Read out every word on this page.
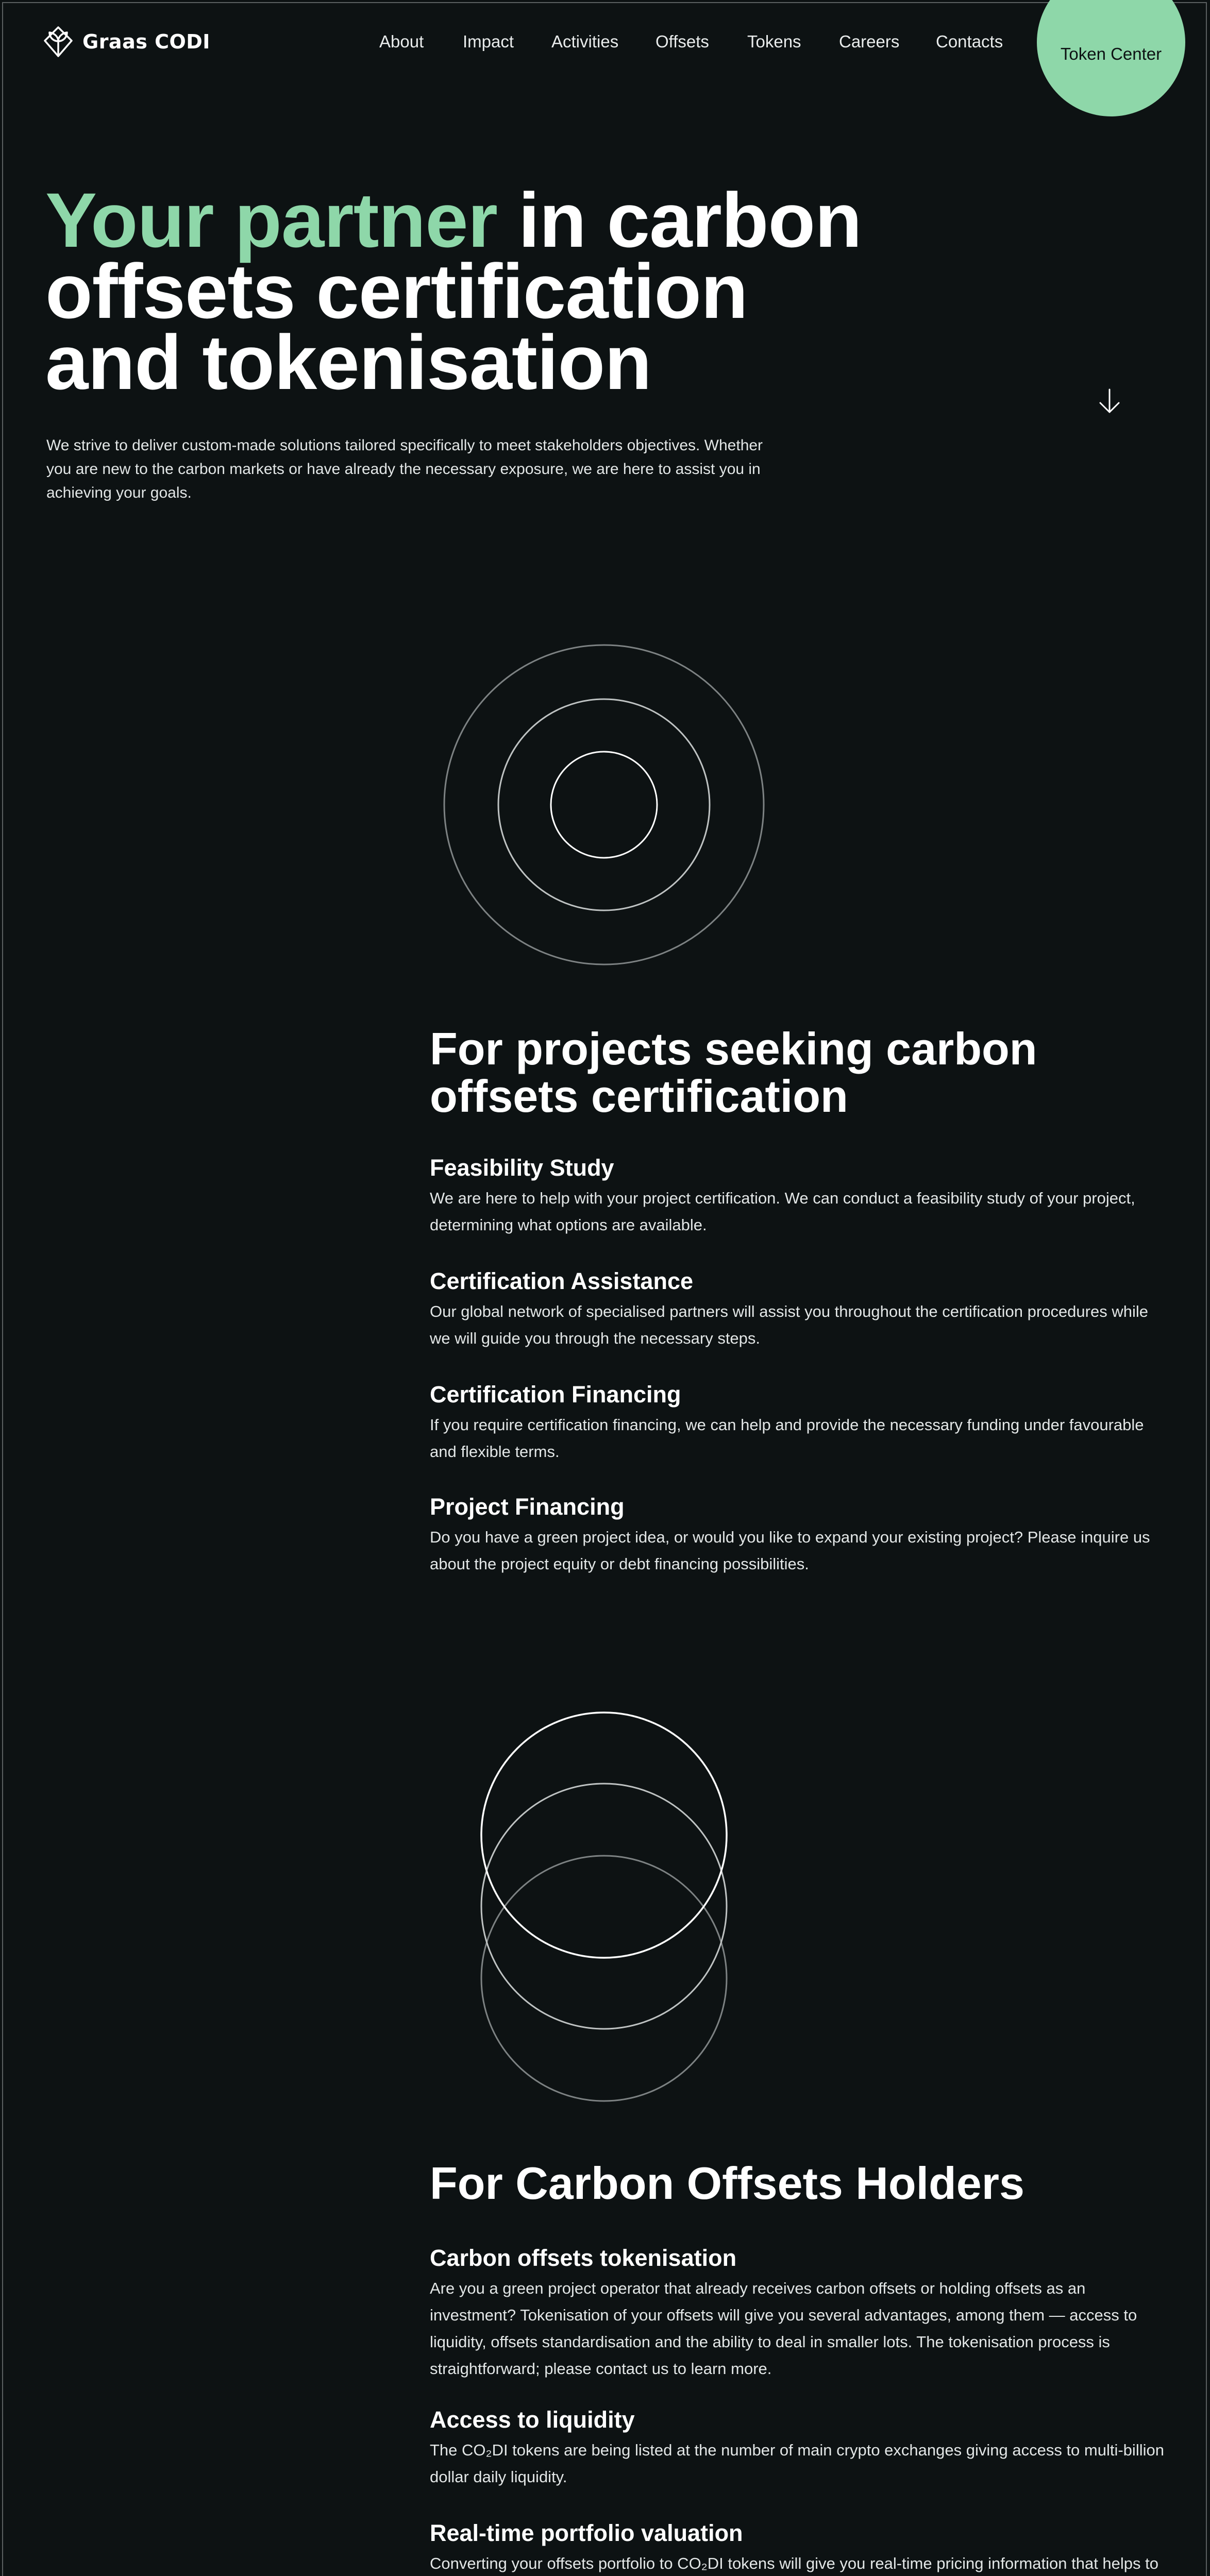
Graas CODI	About Impact Activities Offsets Tokens Careers Contacts
Token Center
Your partner in carbon offsets certification and tokenisation

We strive to deliver custom-made solutions tailored specifically to meet stakeholders objectives. Whether you are new to the carbon markets or have already the necessary exposure, we are here to assist you in achieving your goals.

For projects seeking carbon offsets certification
Feasibility Study

We are here to help with your project certification. We can conduct a feasibility study of your project, determining what options are available.

Certification Assistance

Our global network of specialised partners will assist you throughout the certification procedures while we will guide you through the necessary steps.

Certification Financing

If you require certification financing, we can help and provide the necessary funding under favourable and flexible terms.

Project Financing

Do you have a green project idea, or would you like to expand your existing project? Please inquire us about the project equity or debt financing possibilities.

For Carbon Offsets Holders
Carbon offsets tokenisation

Are you a green project operator that already receives carbon offsets or holding offsets as an investment? Tokenisation of your offsets will give you several advantages, among them — access to liquidity, offsets standardisation and the ability to deal in smaller lots. The tokenisation process is straightforward; please contact us to learn more.

Access to liquidity

The CO₂DI tokens are being listed at the number of main crypto exchanges giving access to multi-billion dollar daily liquidity.

Real-time portfolio valuation

Converting your offsets portfolio to CO₂DI tokens will give you real-time pricing information that helps to
